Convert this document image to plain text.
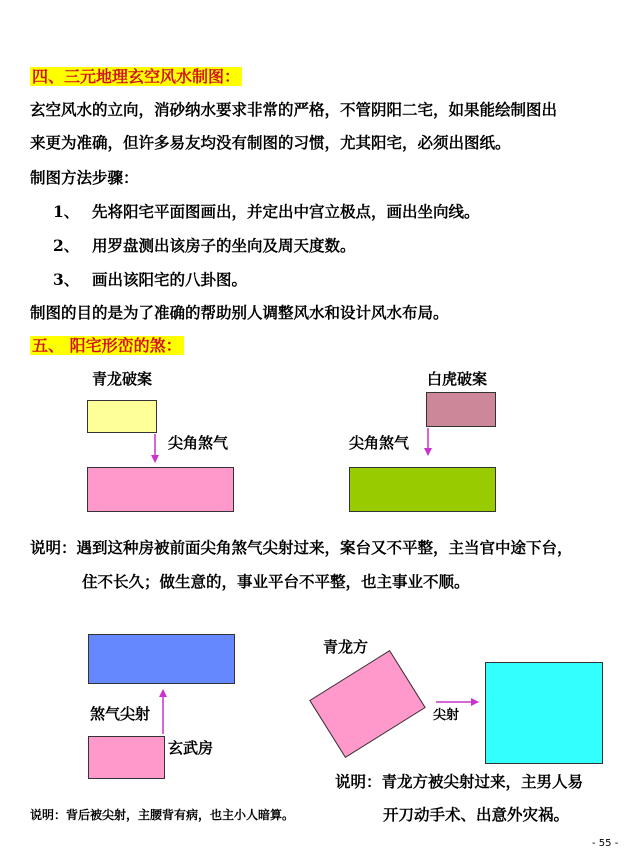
四、三元地理玄空风水制图：
玄空风水的立向，消砂纳水要求非常的严格，不管阴阳二宅，如果能绘制图出
来更为准确，但许多易友均没有制图的习惯，尤其阳宅，必须出图纸。
制图方法步骤：
1、 先将阳宅平面图画出，并定出中宫立极点，画出坐向线。
2、 用罗盘测出该房子的坐向及周天度数。
3、 画出该阳宅的八卦图。
制图的目的是为了准确的帮助别人调整风水和设计风水布局。
五、 阳宅形峦的煞：
青龙破案
尖角煞气
白虎破案
尖角煞气
说明：遇到这种房被前面尖角煞气尖射过来，案台又不平整，主当官中途下台，
住不长久；做生意的，事业平台不平整，也主事业不顺。
煞气尖射
玄武房
青龙方
尖射
说明：青龙方被尖射过来，主男人易
开刀动手术、出意外灾祸。
说明：背后被尖射，主腰背有病，也主小人暗算。
- 55 -
